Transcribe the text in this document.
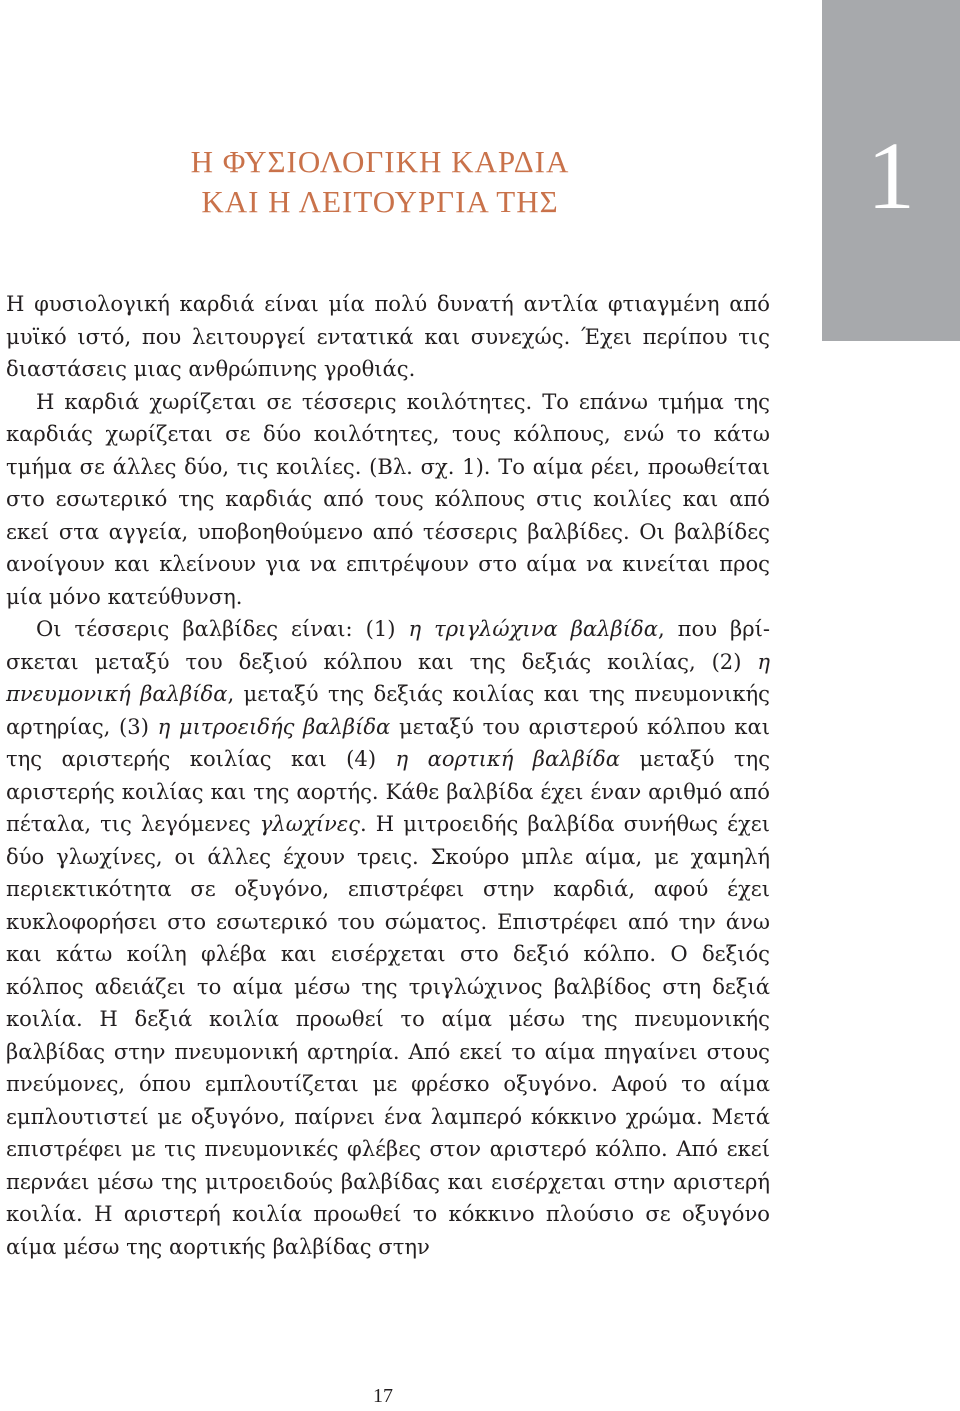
1
Η ΦΥΣΙΟΛΟΓΙΚΗ ΚΑΡΔΙΑ
ΚΑΙ Η ΛΕΙΤΟΥΡΓΙΑ ΤΗΣ

Η φυσιολογική καρδιά είναι μία πολύ δυνατή αντλία φτιαγμένη από μυϊκό ιστό, που λειτουργεί εντατικά και συνεχώς. Έχει περίπου τις διαστάσεις μιας ανθρώπινης γροθιάς.

Η καρδιά χωρίζεται σε τέσσερις κοιλότητες. Το επάνω τμήμα της καρδιάς χωρίζεται σε δύο κοιλότητες, τους κόλπους, ενώ το κάτω τμήμα σε άλλες δύο, τις κοιλίες. (Βλ. σχ. 1). Το αίμα ρέει, προωθείται στο εσωτερικό της καρδιάς από τους κόλπους στις κοιλίες και από εκεί στα αγγεία, υποβοηθούμενο από τέσσερις βαλβίδες. Οι βαλβίδες ανοίγουν και κλείνουν για να επιτρέψουν στο αίμα να κινείται προς μία μόνο κατεύθυνση.

Οι τέσσερις βαλβίδες είναι: (1) η τριγλώχινα βαλβίδα, που βρίσκεται μεταξύ του δεξιού κόλπου και της δεξιάς κοιλίας, (2) η πνευμονική βαλβίδα, μεταξύ της δεξιάς κοιλίας και της πνευμονικής αρτηρίας, (3) η μιτροειδής βαλβίδα μεταξύ του αριστερού κόλπου και της αριστερής κοιλίας και (4) η αορτική βαλβίδα μεταξύ της αριστερής κοιλίας και της αορτής. Κάθε βαλβίδα έχει έναν αριθμό από πέταλα, τις λεγόμενες γλωχίνες. Η μιτροειδής βαλβίδα συνήθως έχει δύο γλωχίνες, οι άλλες έχουν τρεις. Σκούρο μπλε αίμα, με χαμηλή περιεκτικότητα σε οξυγόνο, επιστρέφει στην καρδιά, αφού έχει κυκλοφορήσει στο εσωτερικό του σώματος. Επιστρέφει από την άνω και κάτω κοίλη φλέβα και εισέρχεται στο δεξιό κόλπο. Ο δεξιός κόλπος αδειάζει το αίμα μέσω της τριγλώχινος βαλβίδος στη δεξιά κοιλία. Η δεξιά κοιλία προωθεί το αίμα μέσω της πνευμονικής βαλβίδας στην πνευμονική αρτηρία. Από εκεί το αίμα πηγαίνει στους πνεύμονες, όπου εμπλουτίζεται με φρέσκο οξυγόνο. Αφού το αίμα εμπλουτιστεί με οξυγόνο, παίρνει ένα λαμπερό κόκκινο χρώμα. Μετά επιστρέφει με τις πνευμονικές φλέβες στον αριστερό κόλπο. Από εκεί περνάει μέσω της μιτροειδούς βαλβίδας και εισέρχεται στην αριστερή κοιλία. Η αριστερή κοιλία προωθεί το κόκκινο πλούσιο σε οξυγόνο αίμα μέσω της αορτικής βαλβίδας στην

17
